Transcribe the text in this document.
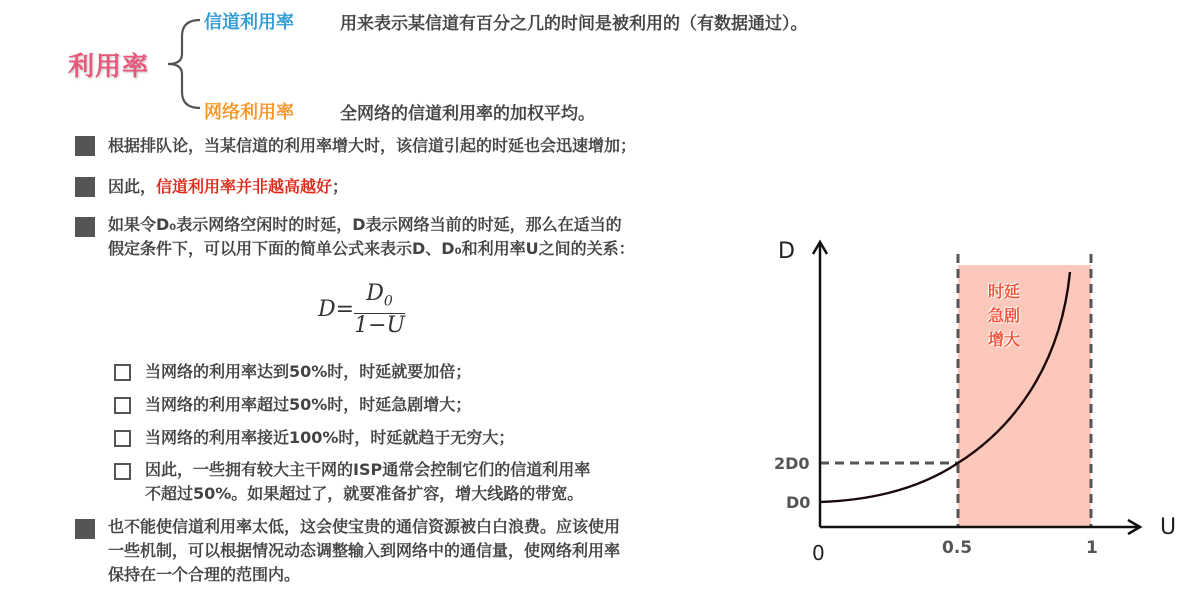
利用率
信道利用率	用来表示某信道有百分之几的时间是被利用的（有数据通过）。
网络利用率	全网络的信道利用率的加权平均。
根据排队论，当某信道的利用率增大时，该信道引起的时延也会迅速增加；
因此，信道利用率并非越高越好；
如果令D₀表示网络空闲时的时延，D表示网络当前的时延，那么在适当的
假定条件下，可以用下面的简单公式来表示D、D₀和利用率U之间的关系：
$D= \frac{D_0}{1-U}$
当网络的利用率达到50%时，时延就要加倍；
当网络的利用率超过50%时，时延急剧增大；
当网络的利用率接近100%时，时延就趋于无穷大；
因此，一些拥有较大主干网的ISP通常会控制它们的信道利用率
不超过50%。如果超过了，就要准备扩容，增大线路的带宽。
也不能使信道利用率太低，这会使宝贵的通信资源被白白浪费。应该使用
一些机制，可以根据情况动态调整输入到网络中的通信量，使网络利用率
保持在一个合理的范围内。
D
U
0	0.5	1
D0
2D0
时延
急剧
增大
